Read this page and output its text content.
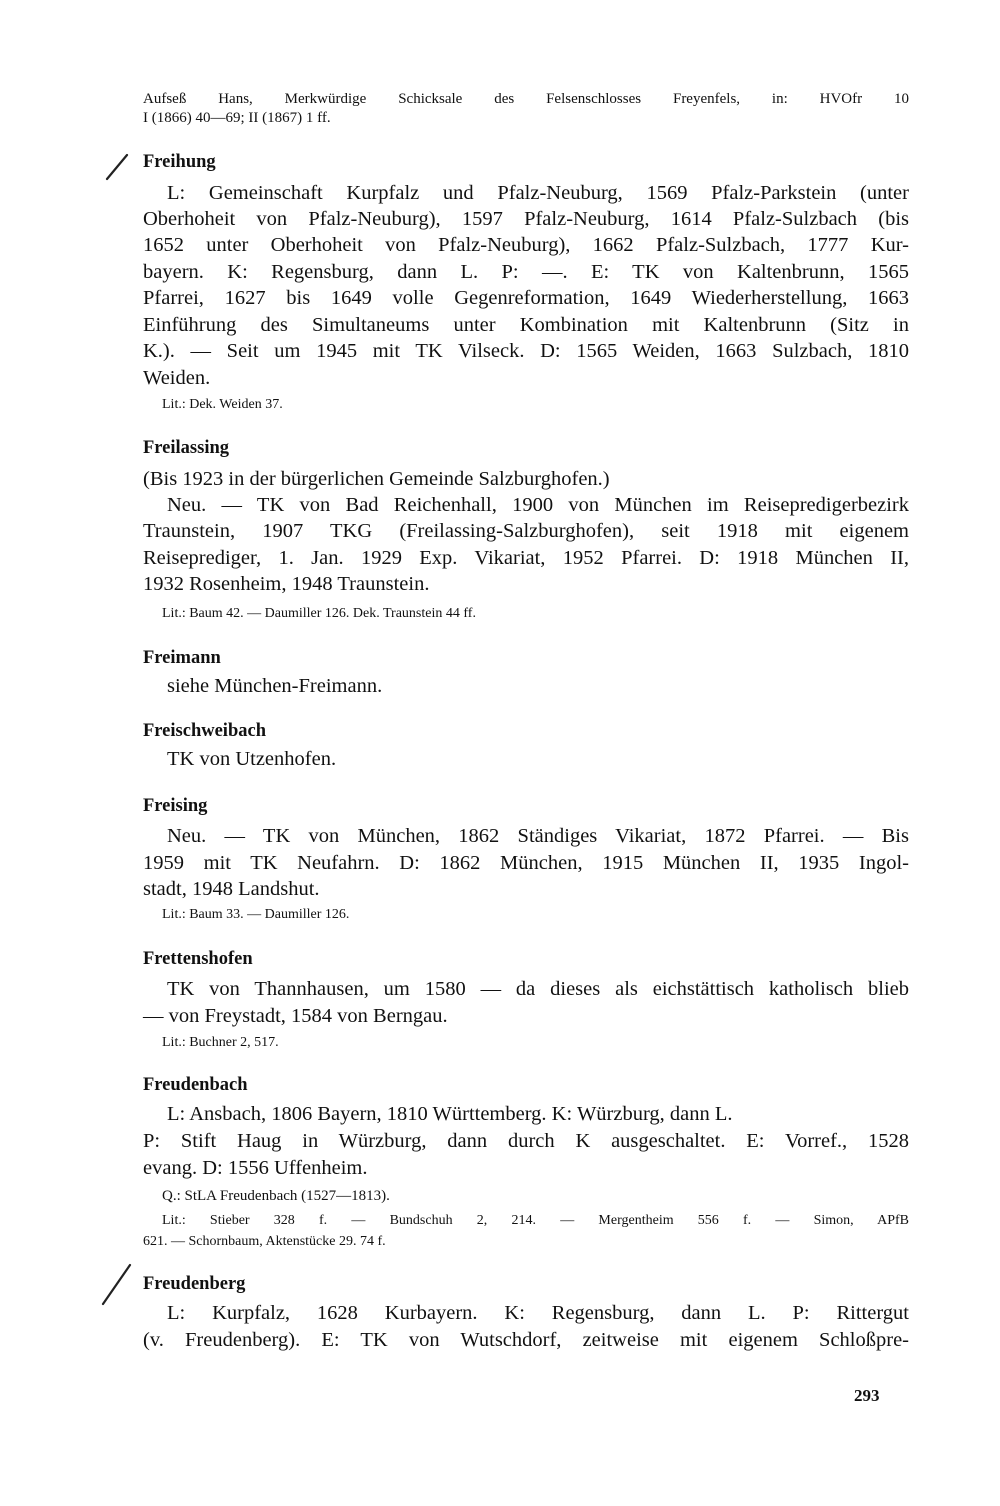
Aufseß Hans, Merkwürdige Schicksale des Felsenschlosses Freyenfels, in: HVOfr 10

I (1866) 40—69; II (1867) 1 ff.

Freihung

L: Gemeinschaft Kurpfalz und Pfalz-Neuburg, 1569 Pfalz-Parkstein (unter

Oberhoheit von Pfalz-Neuburg), 1597 Pfalz-Neuburg, 1614 Pfalz-Sulzbach (bis

1652 unter Oberhoheit von Pfalz-Neuburg), 1662 Pfalz-Sulzbach, 1777 Kur-

bayern. K: Regensburg, dann L. P: —. E: TK von Kaltenbrunn, 1565

Pfarrei, 1627 bis 1649 volle Gegenreformation, 1649 Wiederherstellung, 1663

Einführung des Simultaneums unter Kombination mit Kaltenbrunn (Sitz in

K.). — Seit um 1945 mit TK Vilseck. D: 1565 Weiden, 1663 Sulzbach, 1810

Weiden.

Lit.: Dek. Weiden 37.

Freilassing

(Bis 1923 in der bürgerlichen Gemeinde Salzburghofen.)

Neu. — TK von Bad Reichenhall, 1900 von München im Reisepredigerbezirk

Traunstein, 1907 TKG (Freilassing-Salzburghofen), seit 1918 mit eigenem

Reiseprediger, 1. Jan. 1929 Exp. Vikariat, 1952 Pfarrei. D: 1918 München II,

1932 Rosenheim, 1948 Traunstein.

Lit.: Baum 42. — Daumiller 126. Dek. Traunstein 44 ff.

Freimann

siehe München-Freimann.

Freischweibach

TK von Utzenhofen.

Freising

Neu. — TK von München, 1862 Ständiges Vikariat, 1872 Pfarrei. — Bis

1959 mit TK Neufahrn. D: 1862 München, 1915 München II, 1935 Ingol-

stadt, 1948 Landshut.

Lit.: Baum 33. — Daumiller 126.

Frettenshofen

TK von Thannhausen, um 1580 — da dieses als eichstättisch katholisch blieb

— von Freystadt, 1584 von Berngau.

Lit.: Buchner 2, 517.

Freudenbach

L: Ansbach, 1806 Bayern, 1810 Württemberg. K: Würzburg, dann L.

P: Stift Haug in Würzburg, dann durch K ausgeschaltet. E: Vorref., 1528

evang. D: 1556 Uffenheim.

Q.: StLA Freudenbach (1527—1813).

Lit.: Stieber 328 f. — Bundschuh 2, 214. — Mergentheim 556 f. — Simon, APfB

621. — Schornbaum, Aktenstücke 29. 74 f.

Freudenberg

L: Kurpfalz, 1628 Kurbayern. K: Regensburg, dann L. P: Rittergut

(v. Freudenberg). E: TK von Wutschdorf, zeitweise mit eigenem Schloßpre-

293
